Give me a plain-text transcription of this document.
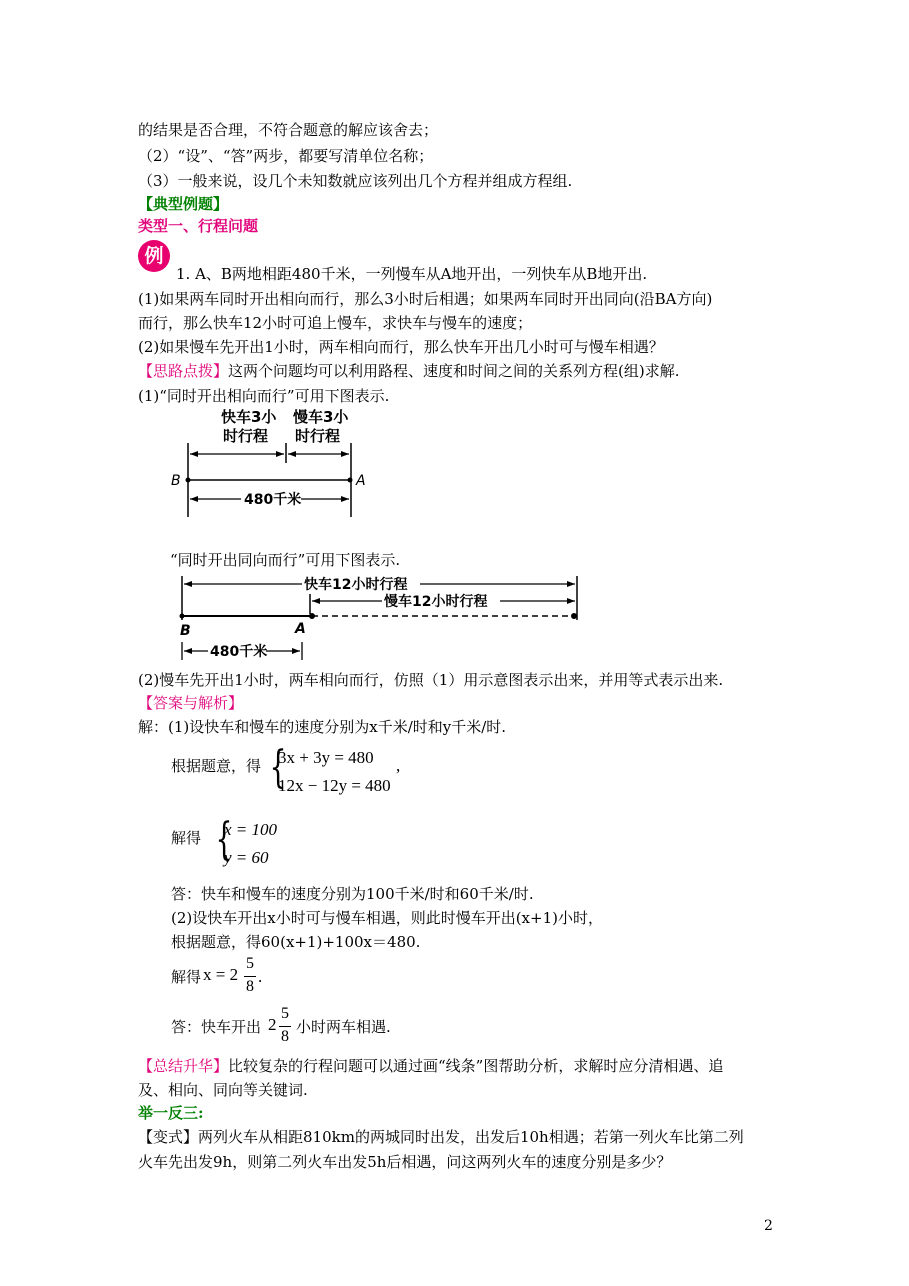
的结果是否合理，不符合题意的解应该舍去；
（2）“设”、“答”两步，都要写清单位名称；
（3）一般来说，设几个未知数就应该列出几个方程并组成方程组.
【典型例题】
类型一、行程问题
例
1. A、B两地相距480千米，一列慢车从A地开出，一列快车从B地开出.
(1)如果两车同时开出相向而行，那么3小时后相遇；如果两车同时开出同向(沿BA方向)
而行，那么快车12小时可追上慢车，求快车与慢车的速度；
(2)如果慢车先开出1小时，两车相向而行，那么快车开出几小时可与慢车相遇？
【思路点拨】这两个问题均可以利用路程、速度和时间之间的关系列方程(组)求解.
(1)“同时开出相向而行”可用下图表示.
快车3小
时行程
慢车3小
时行程
B	A
480千米
“同时开出同向而行”可用下图表示.
快车12小时行程
慢车12小时行程
B	A
480千米
(2)慢车先开出1小时，两车相向而行，仿照（1）用示意图表示出来，并用等式表示出来.
【答案与解析】
解：(1)设快车和慢车的速度分别为x千米/时和y千米/时.
根据题意，得 {
3x + 3y = 480
12x − 12y = 480
,
解得 {
x = 100
y = 60
答：快车和慢车的速度分别为100千米/时和60千米/时.
(2)设快车开出x小时可与慢车相遇，则此时慢车开出(x+1)小时，
根据题意，得60(x+1)+100x＝480.
解得 x = 2
5
8
.
答：快车开出 2
5
8
小时两车相遇.
【总结升华】比较复杂的行程问题可以通过画“线条”图帮助分析，求解时应分清相遇、追
及、相向、同向等关键词.
举一反三:
【变式】两列火车从相距810km的两城同时出发，出发后10h相遇；若第一列火车比第二列
火车先出发9h，则第二列火车出发5h后相遇，问这两列火车的速度分别是多少？
2
